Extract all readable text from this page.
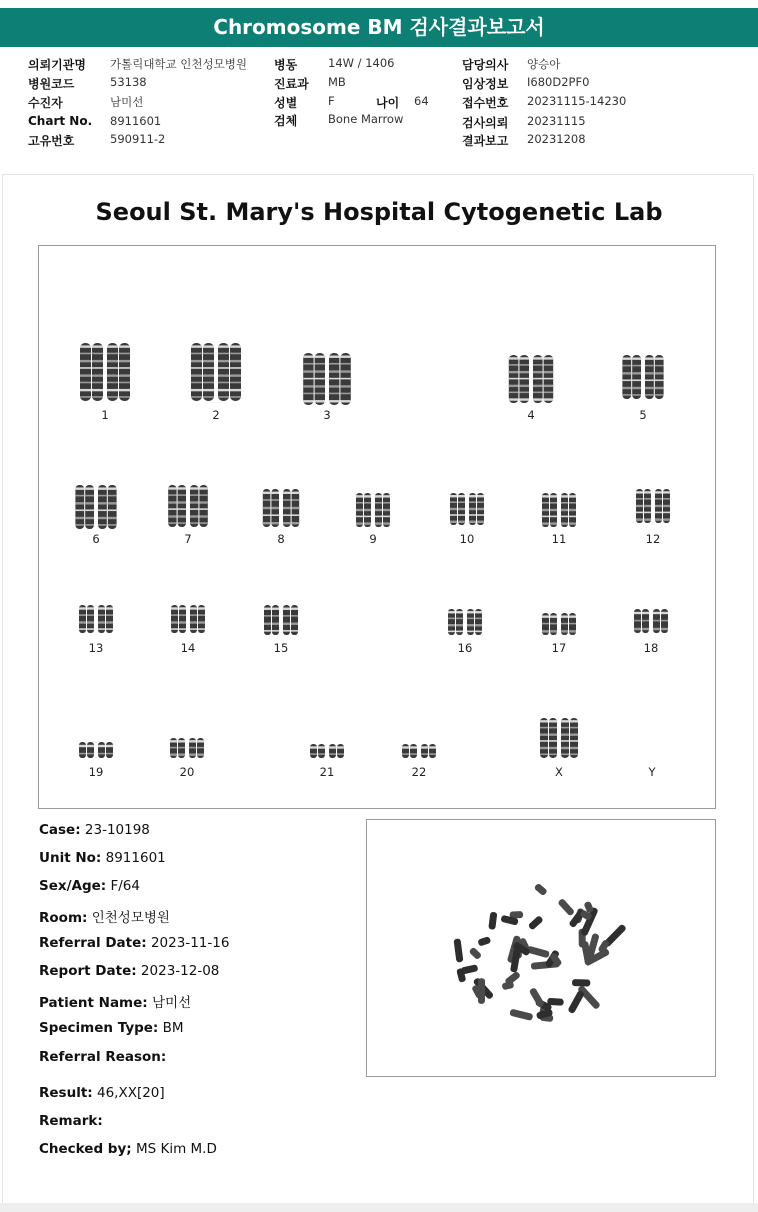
Chromosome BM 검사결과보고서
의뢰기관명 가톨릭대학교 인천성모병원 병동	14W / 1406	담당의사 양승아
병원코드	53138	진료과 MB	임상정보 I680D2PF0
수진자	남미선	성별	F	나이 64	접수번호 20231115-14230
Chart No. 8911601	검체	Bone Marrow	검사의뢰 20231115
고유번호	590911-2	결과보고 20231208
Seoul St. Mary's Hospital Cytogenetic Lab
1	2	3	4	5
6	7	8	9	10	11	12
13	14	15	16	17	18
19	20	21	22	X	Y
Case: 23-10198
Unit No: 8911601
Sex/Age: F/64
Room: 인천성모병원
Referral Date: 2023-11-16
Report Date: 2023-12-08
Patient Name: 남미선
Specimen Type: BM
Referral Reason:
Result: 46,XX[20]
Remark:
Checked by; MS Kim M.D
